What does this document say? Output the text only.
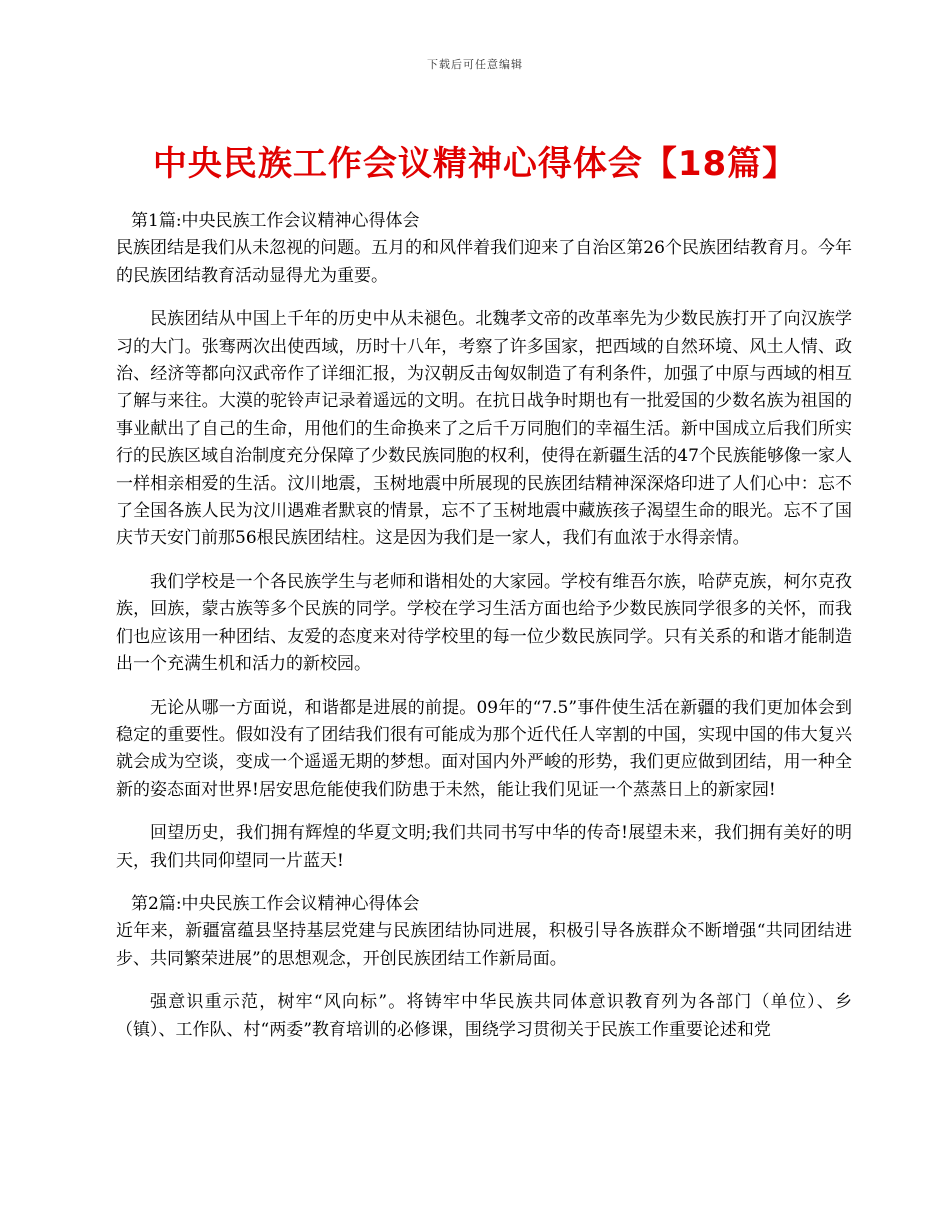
下载后可任意编辑
中央民族工作会议精神心得体会【18篇】
第1篇:中央民族工作会议精神心得体会
民族团结是我们从未忽视的问题。五月的和风伴着我们迎来了自治区第26个民族团结教育月。今年的民族团结教育活动显得尤为重要。

民族团结从中国上千年的历史中从未褪色。北魏孝文帝的改革率先为少数民族打开了向汉族学习的大门。张骞两次出使西域，历时十八年，考察了许多国家，把西域的自然环境、风土人情、政治、经济等都向汉武帝作了详细汇报，为汉朝反击匈奴制造了有利条件，加强了中原与西域的相互了解与来往。大漠的驼铃声记录着遥远的文明。在抗日战争时期也有一批爱国的少数名族为祖国的事业献出了自己的生命，用他们的生命换来了之后千万同胞们的幸福生活。新中国成立后我们所实行的民族区域自治制度充分保障了少数民族同胞的权利，使得在新疆生活的47个民族能够像一家人一样相亲相爱的生活。汶川地震，玉树地震中所展现的民族团结精神深深烙印进了人们心中：忘不了全国各族人民为汶川遇难者默哀的情景，忘不了玉树地震中藏族孩子渴望生命的眼光。忘不了国庆节天安门前那56根民族团结柱。这是因为我们是一家人，我们有血浓于水得亲情。

我们学校是一个各民族学生与老师和谐相处的大家园。学校有维吾尔族，哈萨克族，柯尔克孜族，回族，蒙古族等多个民族的同学。学校在学习生活方面也给予少数民族同学很多的关怀，而我们也应该用一种团结、友爱的态度来对待学校里的每一位少数民族同学。只有关系的和谐才能制造出一个充满生机和活力的新校园。

无论从哪一方面说，和谐都是进展的前提。09年的“7.5”事件使生活在新疆的我们更加体会到稳定的重要性。假如没有了团结我们很有可能成为那个近代任人宰割的中国，实现中国的伟大复兴就会成为空谈，变成一个遥遥无期的梦想。面对国内外严峻的形势，我们更应做到团结，用一种全新的姿态面对世界!居安思危能使我们防患于未然，能让我们见证一个蒸蒸日上的新家园!

回望历史，我们拥有辉煌的华夏文明;我们共同书写中华的传奇!展望未来，我们拥有美好的明天，我们共同仰望同一片蓝天!

第2篇:中央民族工作会议精神心得体会
近年来，新疆富蕴县坚持基层党建与民族团结协同进展，积极引导各族群众不断增强“共同团结进步、共同繁荣进展”的思想观念，开创民族团结工作新局面。

强意识重示范，树牢“风向标”。将铸牢中华民族共同体意识教育列为各部门（单位）、乡（镇）、工作队、村“两委”教育培训的必修课，围绕学习贯彻关于民族工作重要论述和党
